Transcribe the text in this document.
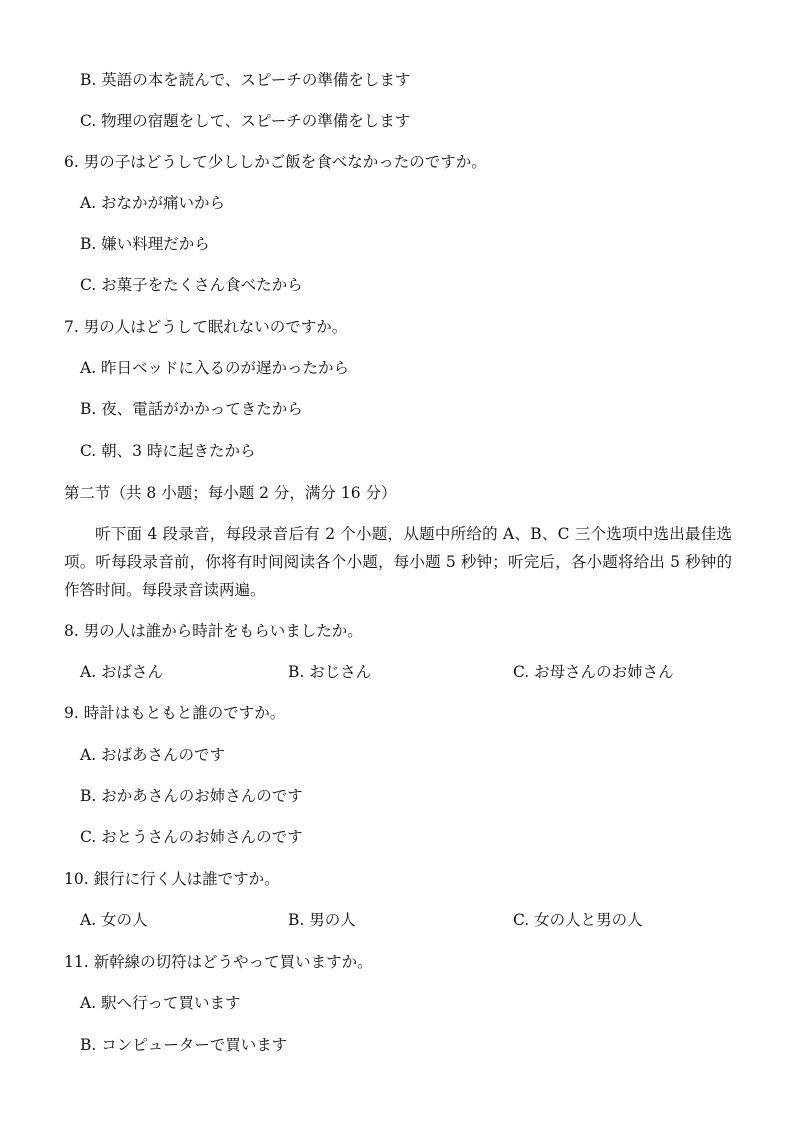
B. 英語の本を読んで、スピーチの準備をします
C. 物理の宿題をして、スピーチの準備をします
6. 男の子はどうして少ししかご飯を食べなかったのですか。
A. おなかが痛いから
B. 嫌い料理だから
C. お菓子をたくさん食べたから
7. 男の人はどうして眠れないのですか。
A. 昨日ベッドに入るのが遅かったから
B. 夜、電話がかかってきたから
C. 朝、3 時に起きたから
第二节（共 8 小题；每小题 2 分，满分 16 分）
听下面 4 段录音，每段录音后有 2 个小题，从题中所给的 A、B、C 三个选项中选出最佳选项。听每段录音前，你将有时间阅读各个小题，每小题 5 秒钟；听完后，各小题将给出 5 秒钟的作答时间。每段录音读两遍。
8. 男の人は誰から時計をもらいましたか。
A. おばさん	B. おじさん	C. お母さんのお姉さん
9. 時計はもともと誰のですか。
A. おばあさんのです
B. おかあさんのお姉さんのです
C. おとうさんのお姉さんのです
10. 銀行に行く人は誰ですか。
A. 女の人	B. 男の人	C. 女の人と男の人
11. 新幹線の切符はどうやって買いますか。
A. 駅へ行って買います
B. コンピューターで買います
